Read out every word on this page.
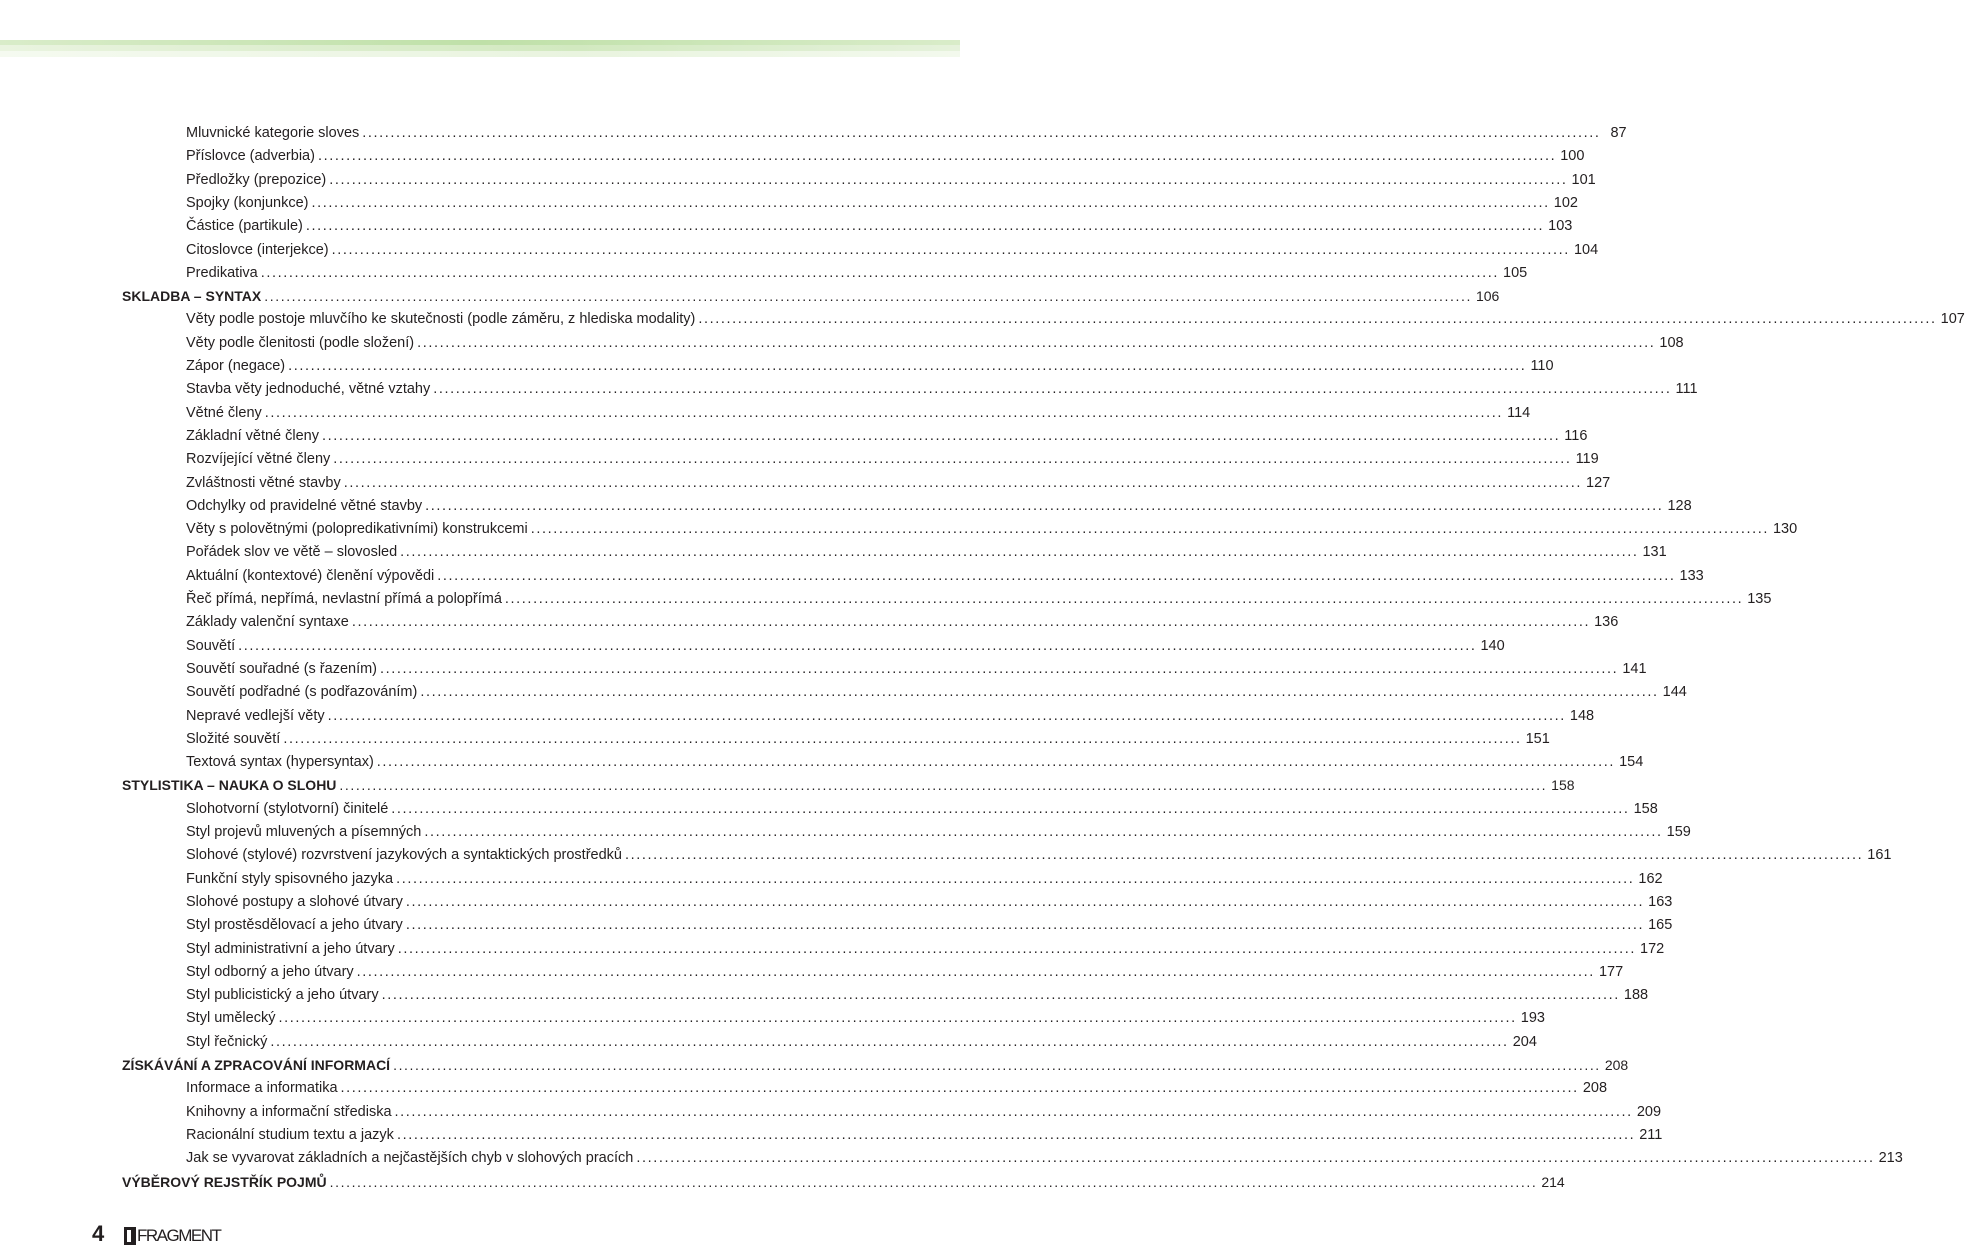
Mluvnické kategorie sloves ............................................................................................................................................................................................................................ 87
Příslovce (adverbia) ............................................................................................................................................................................................................................ 100
Předložky (prepozice) ............................................................................................................................................................................................................................ 101
Spojky (konjunkce) ............................................................................................................................................................................................................................ 102
Částice (partikule) ............................................................................................................................................................................................................................ 103
Citoslovce (interjekce) ............................................................................................................................................................................................................................ 104
Predikativa ............................................................................................................................................................................................................................ 105
SKLADBA – SYNTAX ............................................................................................................................................................................................................................ 106
Věty podle postoje mluvčího ke skutečnosti (podle záměru, z hlediska modality) ............................................................................................................................................................................................................................ 107
Věty podle členitosti (podle složení) ............................................................................................................................................................................................................................ 108
Zápor (negace) ............................................................................................................................................................................................................................ 110
Stavba věty jednoduché, větné vztahy ............................................................................................................................................................................................................................ 111
Větné členy ............................................................................................................................................................................................................................ 114
Základní větné členy ............................................................................................................................................................................................................................ 116
Rozvíjející větné členy ............................................................................................................................................................................................................................ 119
Zvláštnosti větné stavby ............................................................................................................................................................................................................................ 127
Odchylky od pravidelné větné stavby ............................................................................................................................................................................................................................ 128
Věty s polovětnými (polopredikativními) konstrukcemi ............................................................................................................................................................................................................................ 130
Pořádek slov ve větě – slovosled ............................................................................................................................................................................................................................ 131
Aktuální (kontextové) členění výpovědi ............................................................................................................................................................................................................................ 133
Řeč přímá, nepřímá, nevlastní přímá a polopřímá ............................................................................................................................................................................................................................ 135
Základy valenční syntaxe ............................................................................................................................................................................................................................ 136
Souvětí ............................................................................................................................................................................................................................ 140
Souvětí souřadné (s řazením) ............................................................................................................................................................................................................................ 141
Souvětí podřadné (s podřazováním) ............................................................................................................................................................................................................................ 144
Nepravé vedlejší věty ............................................................................................................................................................................................................................ 148
Složité souvětí ............................................................................................................................................................................................................................ 151
Textová syntax (hypersyntax) ............................................................................................................................................................................................................................ 154
STYLISTIKA – NAUKA O SLOHU ............................................................................................................................................................................................................................ 158
Slohotvorní (stylotvorní) činitelé ............................................................................................................................................................................................................................ 158
Styl projevů mluvených a písemných ............................................................................................................................................................................................................................ 159
Slohové (stylové) rozvrstvení jazykových a syntaktických prostředků ............................................................................................................................................................................................................................ 161
Funkční styly spisovného jazyka ............................................................................................................................................................................................................................ 162
Slohové postupy a slohové útvary ............................................................................................................................................................................................................................ 163
Styl prostěsdělovací a jeho útvary ............................................................................................................................................................................................................................ 165
Styl administrativní a jeho útvary ............................................................................................................................................................................................................................ 172
Styl odborný a jeho útvary ............................................................................................................................................................................................................................ 177
Styl publicistický a jeho útvary ............................................................................................................................................................................................................................ 188
Styl umělecký ............................................................................................................................................................................................................................ 193
Styl řečnický ............................................................................................................................................................................................................................ 204
ZÍSKÁVÁNÍ A ZPRACOVÁNÍ INFORMACÍ ............................................................................................................................................................................................................................ 208
Informace a informatika ............................................................................................................................................................................................................................ 208
Knihovny a informační střediska ............................................................................................................................................................................................................................ 209
Racionální studium textu a jazyk ............................................................................................................................................................................................................................ 211
Jak se vyvarovat základních a nejčastějších chyb v slohových pracích ............................................................................................................................................................................................................................ 213
VÝBĚROVÝ REJSTŘÍK POJMŮ ............................................................................................................................................................................................................................ 214
4 FRAGMENT
